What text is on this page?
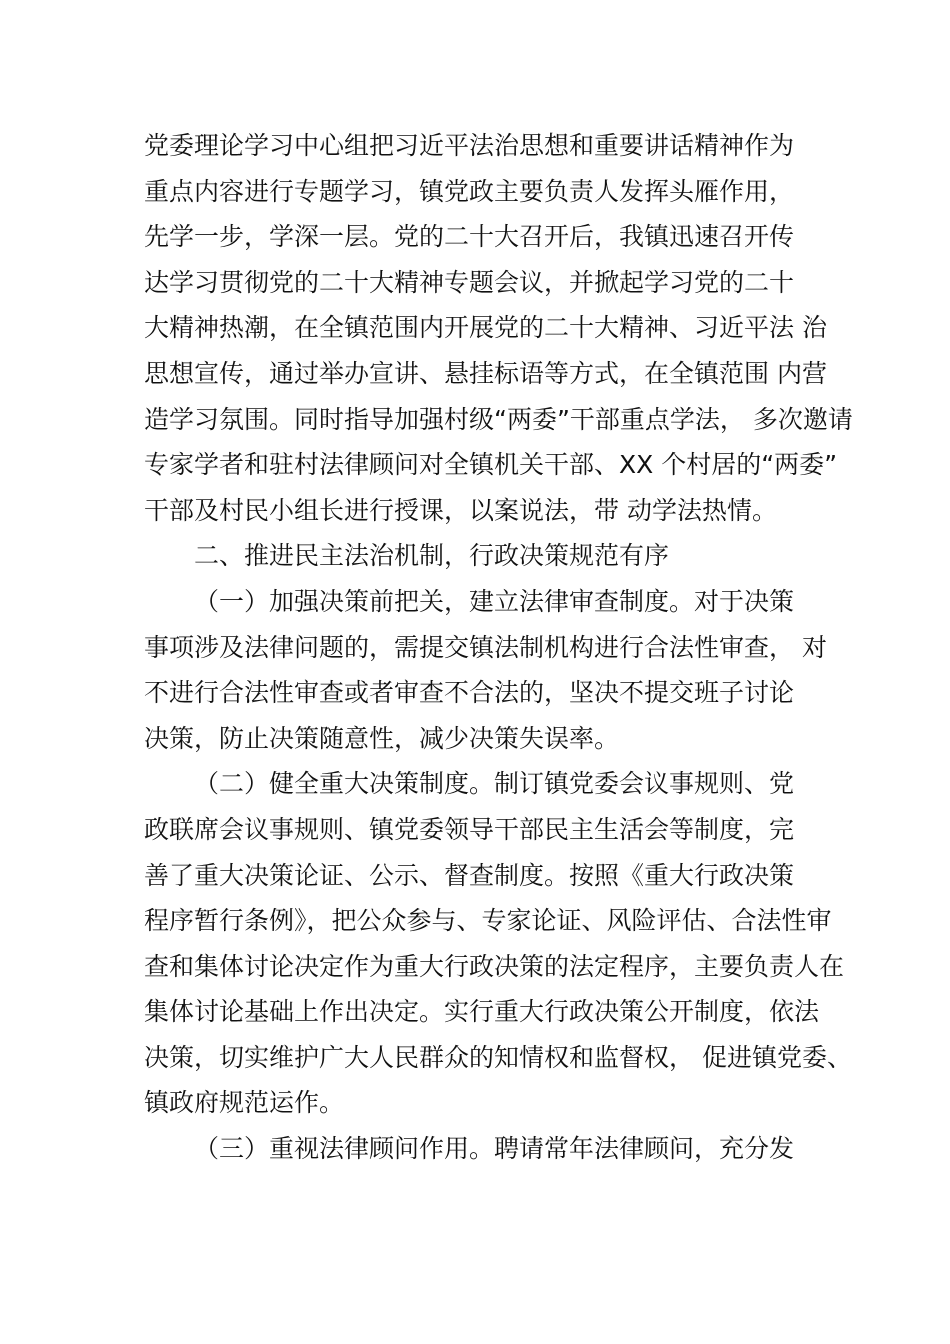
党委理论学习中心组把习近平法治思想和重要讲话精神作为
重点内容进行专题学习，镇党政主要负责人发挥头雁作用，
先学一步，学深一层。党的二十大召开后，我镇迅速召开传
达学习贯彻党的二十大精神专题会议，并掀起学习党的二十
大精神热潮，在全镇范围内开展党的二十大精神、习近平法 治
思想宣传，通过举办宣讲、悬挂标语等方式，在全镇范围 内营
造学习氛围。同时指导加强村级“两委”干部重点学法， 多次邀请
专家学者和驻村法律顾问对全镇机关干部、XX 个村居的“两委”
干部及村民小组长进行授课，以案说法，带 动学法热情。
二、推进民主法治机制，行政决策规范有序
（一）加强决策前把关，建立法律审查制度。对于决策
事项涉及法律问题的，需提交镇法制机构进行合法性审查， 对
不进行合法性审查或者审查不合法的，坚决不提交班子讨论
决策，防止决策随意性，减少决策失误率。
（二）健全重大决策制度。制订镇党委会议事规则、党
政联席会议事规则、镇党委领导干部民主生活会等制度，完
善了重大决策论证、公示、督查制度。按照《重大行政决策
程序暂行条例》，把公众参与、专家论证、风险评估、合法性审
查和集体讨论决定作为重大行政决策的法定程序，主要负责人在
集体讨论基础上作出决定。实行重大行政决策公开制度，依法
决策，切实维护广大人民群众的知情权和监督权， 促进镇党委、
镇政府规范运作。
（三）重视法律顾问作用。聘请常年法律顾问，充分发
